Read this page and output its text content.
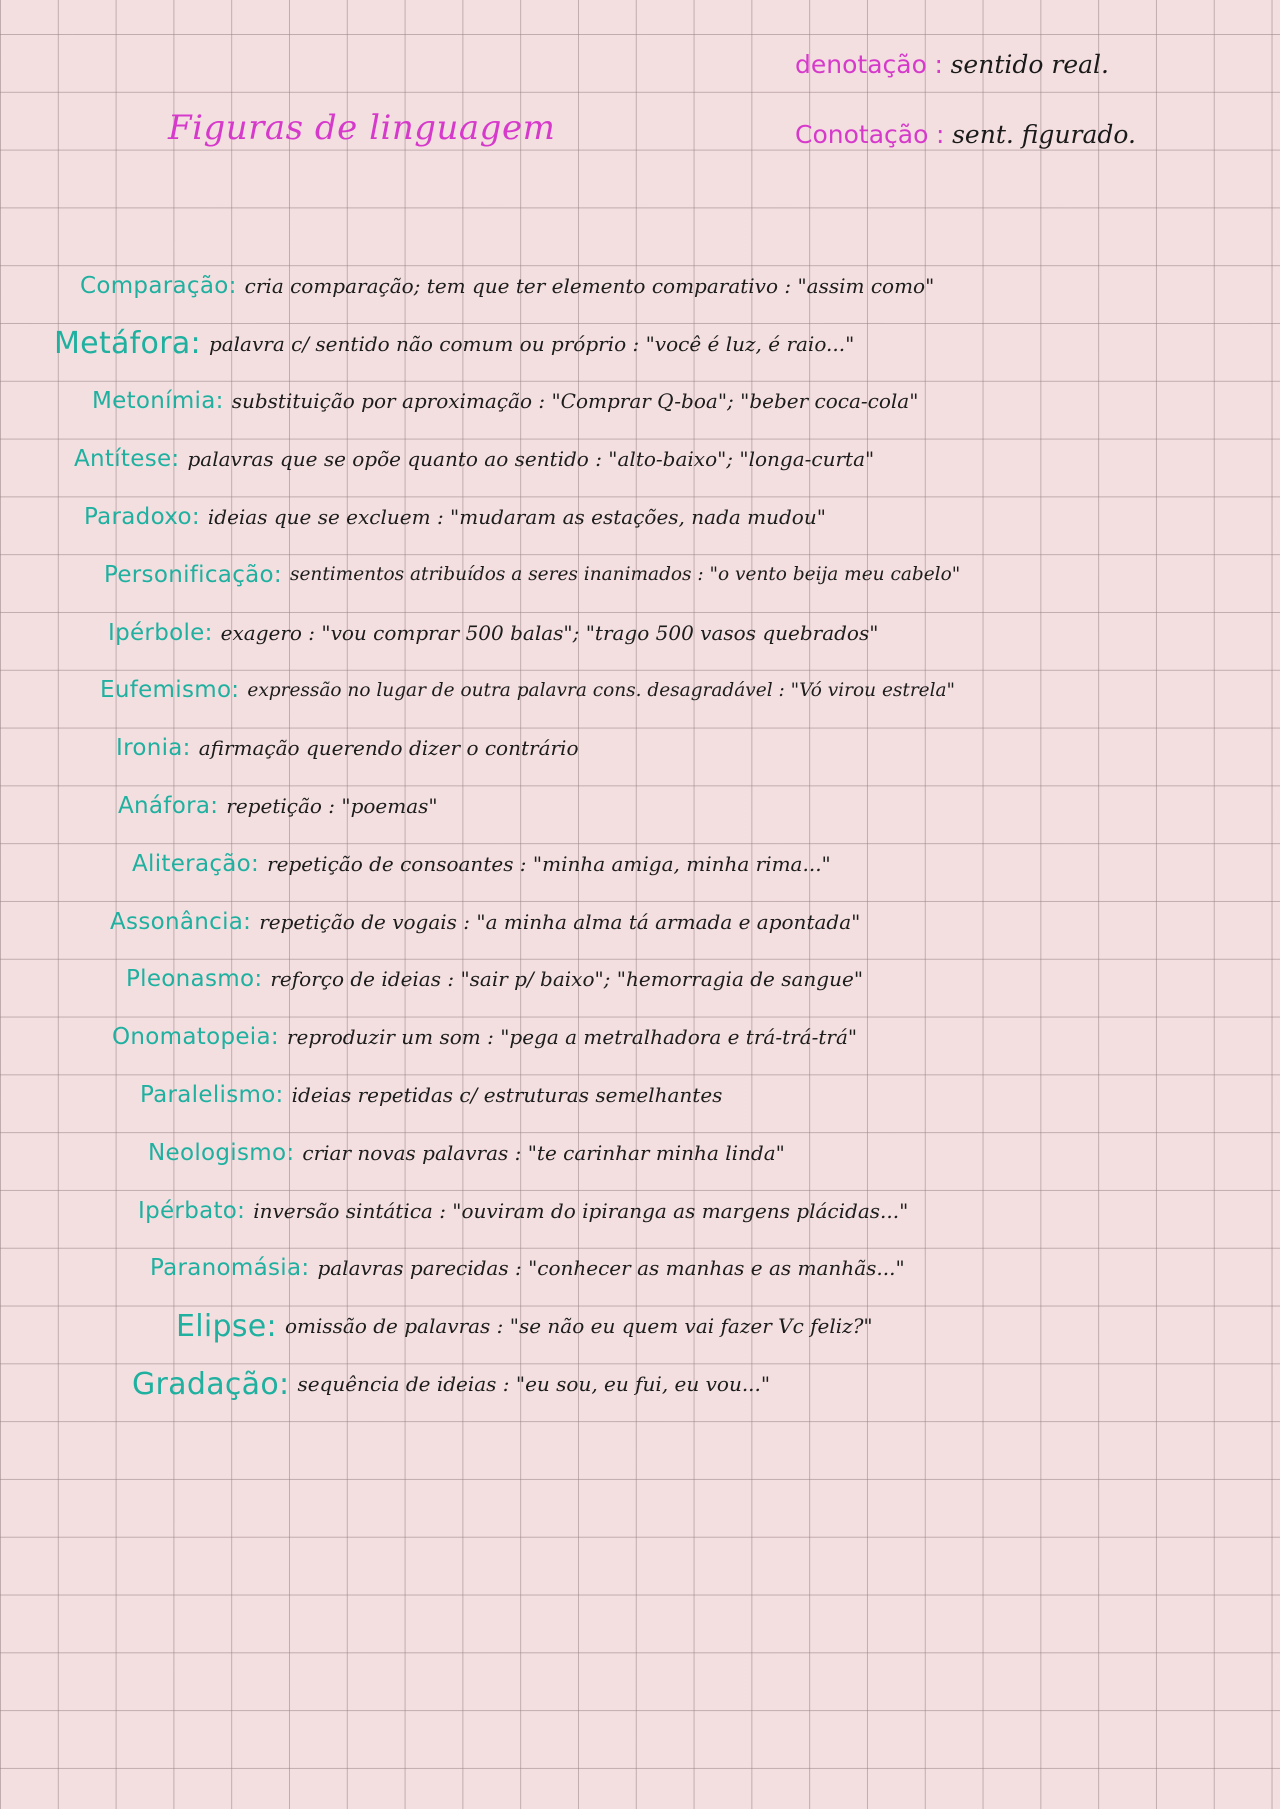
Figuras de linguagem
denotação : sentido real.
Conotação : sent. figurado.
Comparação: cria comparação; tem que ter elemento comparativo : "assim como"
Metáfora: palavra c/ sentido não comum ou próprio : "você é luz, é raio..."
Metonímia: substituição por aproximação : "Comprar Q-boa"; "beber coca-cola"
Antítese: palavras que se opõe quanto ao sentido : "alto-baixo"; "longa-curta"
Paradoxo: ideias que se excluem : "mudaram as estações, nada mudou"
Personificação: sentimentos atribuídos a seres inanimados : "o vento beija meu cabelo"
Ipérbole: exagero : "vou comprar 500 balas"; "trago 500 vasos quebrados"
Eufemismo: expressão no lugar de outra palavra cons. desagradável : "Vó virou estrela"
Ironia: afirmação querendo dizer o contrário
Anáfora: repetição : "poemas"
Aliteração: repetição de consoantes : "minha amiga, minha rima..."
Assonância: repetição de vogais : "a minha alma tá armada e apontada"
Pleonasmo: reforço de ideias : "sair p/ baixo"; "hemorragia de sangue"
Onomatopeia: reproduzir um som : "pega a metralhadora e trá-trá-trá"
Paralelismo: ideias repetidas c/ estruturas semelhantes
Neologismo: criar novas palavras : "te carinhar minha linda"
Ipérbato: inversão sintática : "ouviram do ipiranga as margens plácidas..."
Paranomásia: palavras parecidas : "conhecer as manhas e as manhãs..."
Elipse: omissão de palavras : "se não eu quem vai fazer Vc feliz?"
Gradação: sequência de ideias : "eu sou, eu fui, eu vou..."
